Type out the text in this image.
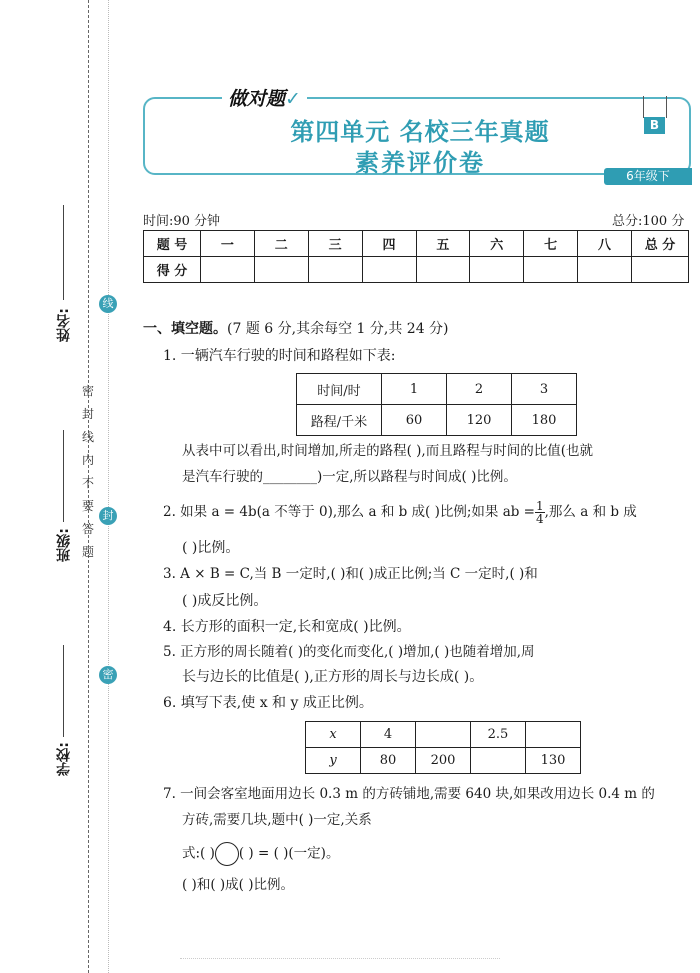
姓名:
班级:
学校:
密 封 线 内 不 要 答 题
线
封
密
做对题✓
第四单元 名校三年真题
素养评价卷
B
6年级下
时间:90 分钟	总分:100 分
题 号	一	二	三	四	五	六	七	八	总 分
得 分									
一、填空题。(7 题 6 分,其余每空 1 分,共 24 分)
1. 一辆汽车行驶的时间和路程如下表:
时间/时	1	2	3
路程/千米	60	120	180
从表中可以看出,时间增加,所走的路程( ),而且路程与时间的比值(也就
是汽车行驶的________)一定,所以路程与时间成( )比例。
2. 如果 a = 4b(a 不等于 0),那么 a 和 b 成( )比例;如果 ab = $\frac{1}{4}$ ,那么 a 和 b 成
( )比例。
3. A × B = C,当 B 一定时,( )和( )成正比例;当 C 一定时,( )和
( )成反比例。
4. 长方形的面积一定,长和宽成( )比例。
5. 正方形的周长随着( )的变化而变化,( )增加,( )也随着增加,周
长与边长的比值是( ),正方形的周长与边长成( )。
6. 填写下表,使 x 和 y 成正比例。
x	4		2.5	
y	80	200		130
7. 一间会客室地面用边长 0.3 m 的方砖铺地,需要 640 块,如果改用边长 0.4 m 的
方砖,需要几块,题中( )一定,关系
式:( ) ( ) = ( )(一定)。
( )和( )成( )比例。
